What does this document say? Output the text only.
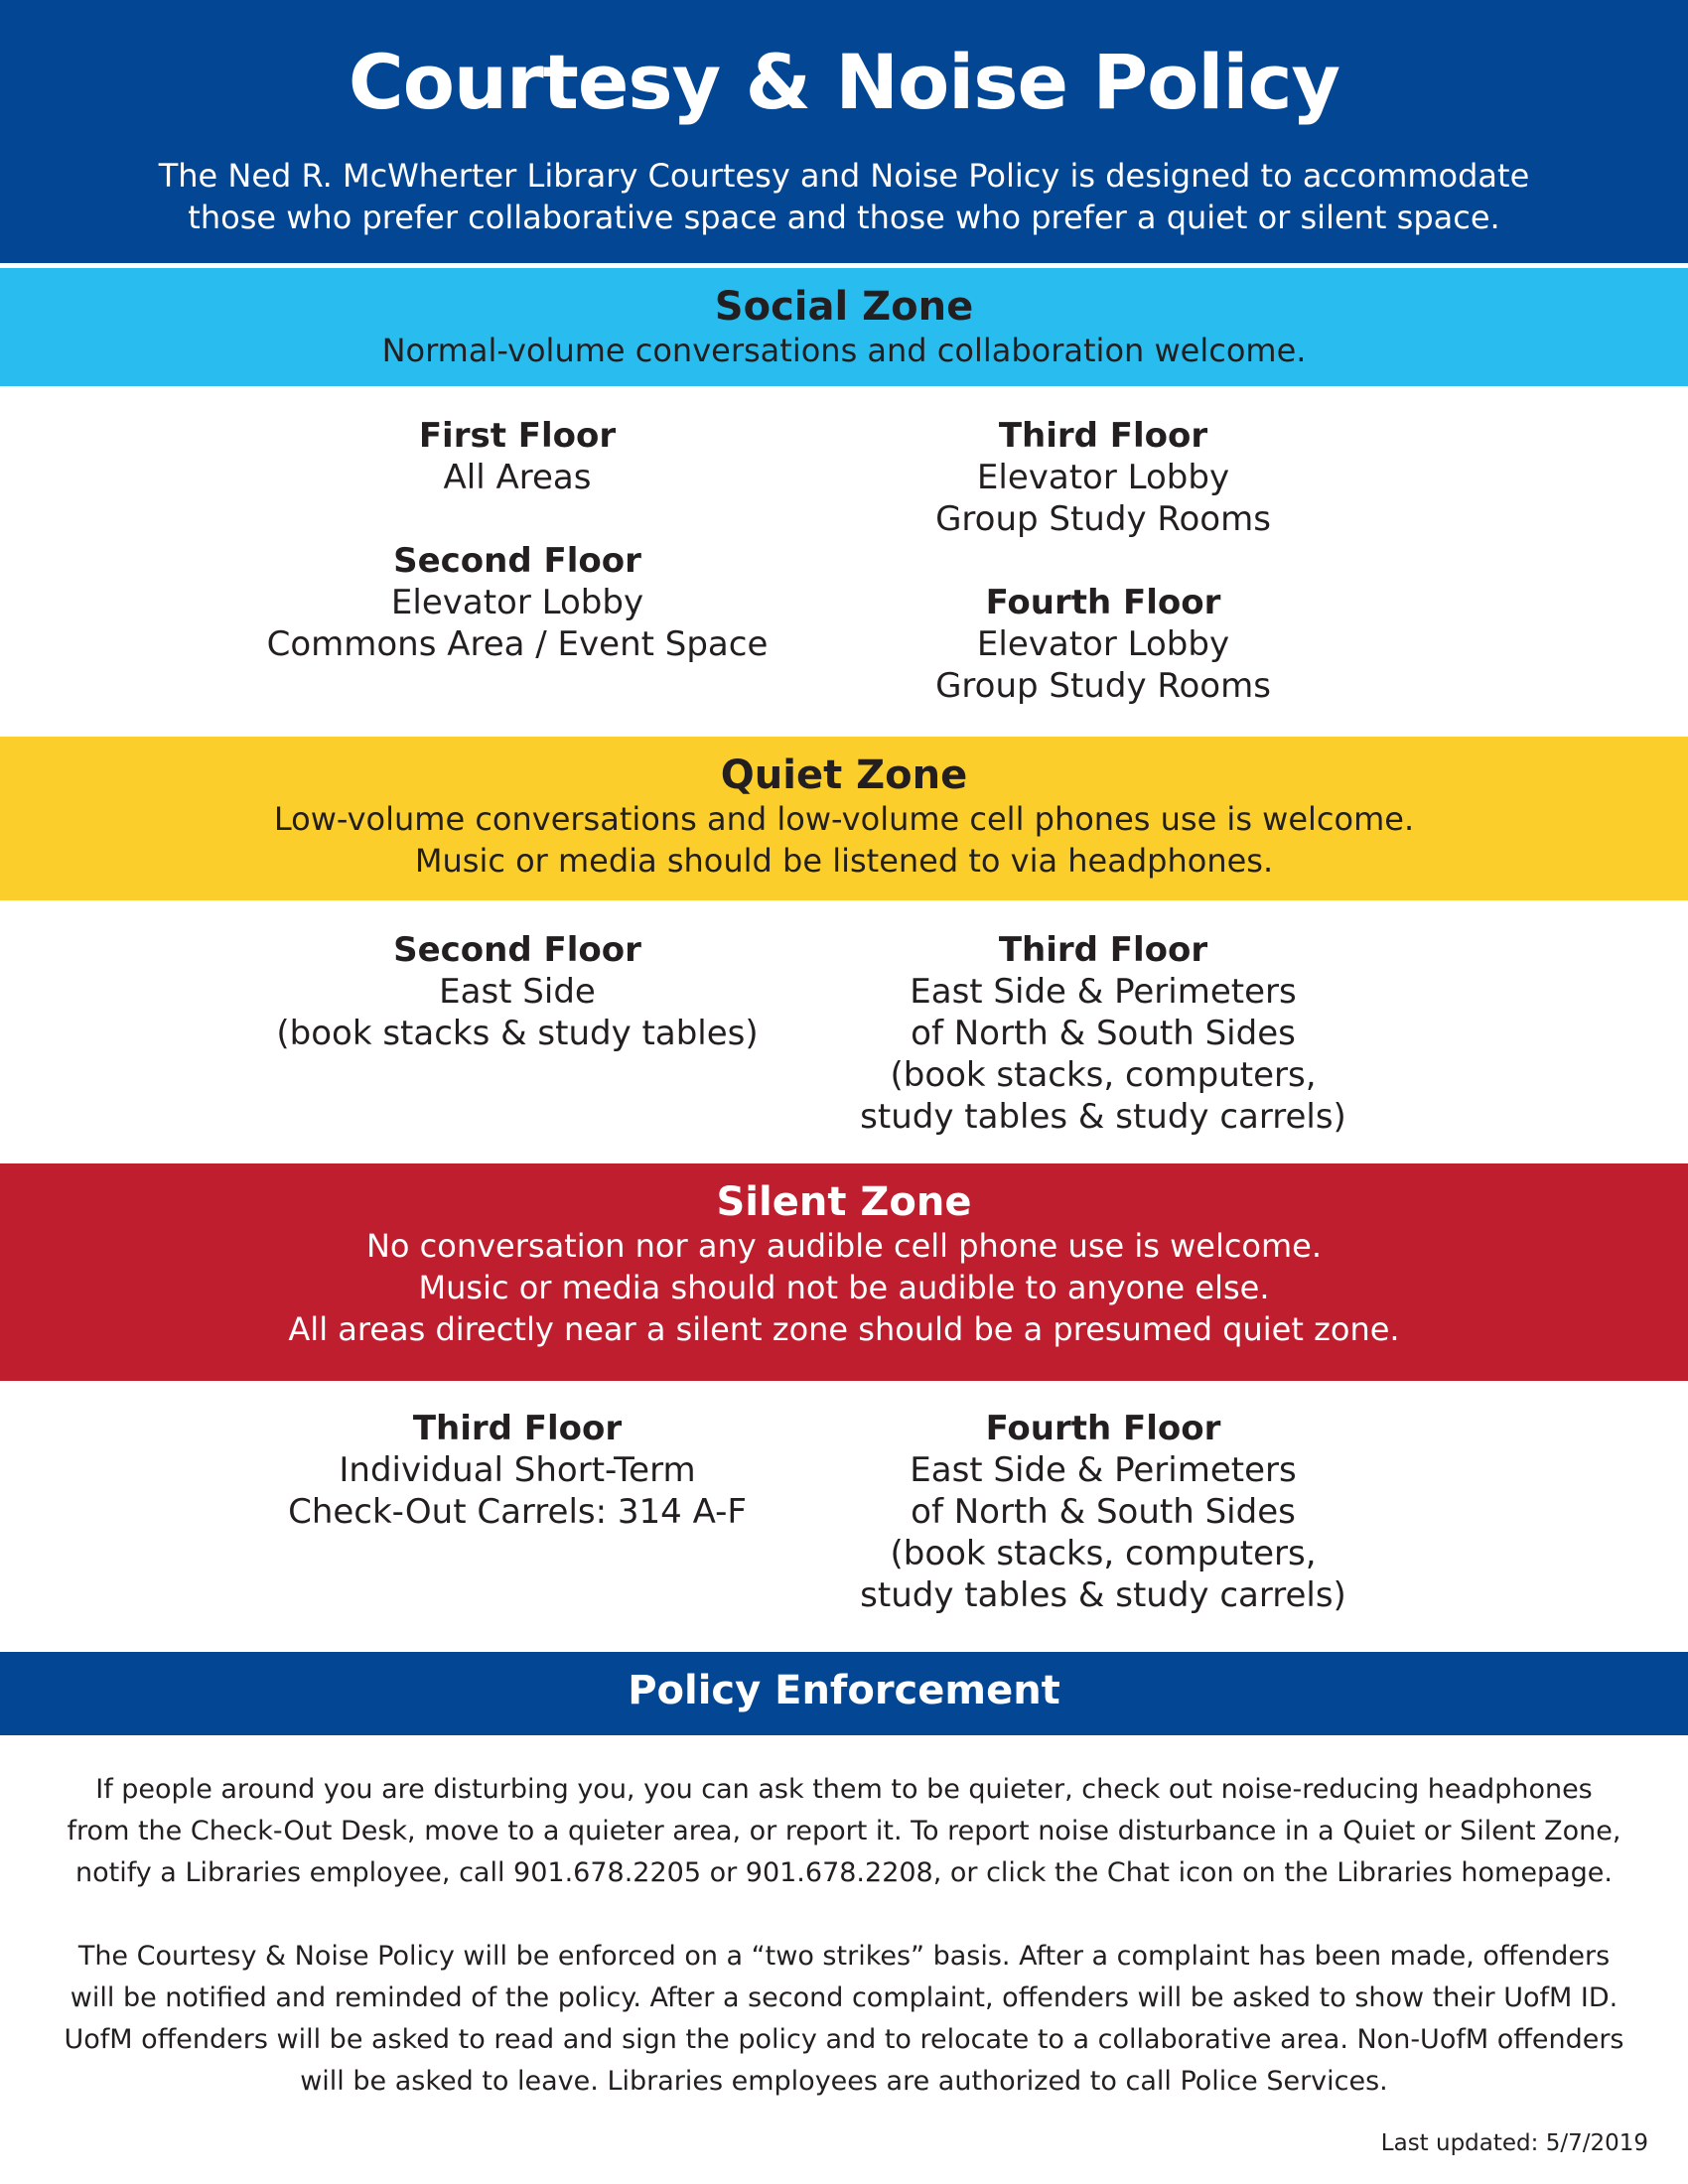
Courtesy & Noise Policy
The Ned R. McWherter Library Courtesy and Noise Policy is designed to accommodate
those who prefer collaborative space and those who prefer a quiet or silent space.
Social Zone
Normal-volume conversations and collaboration welcome.
First Floor
All Areas
Second Floor
Elevator Lobby
Commons Area / Event Space
Third Floor
Elevator Lobby
Group Study Rooms
Fourth Floor
Elevator Lobby
Group Study Rooms
Quiet Zone
Low-volume conversations and low-volume cell phones use is welcome.
Music or media should be listened to via headphones.
Second Floor
East Side
(book stacks & study tables)
Third Floor
East Side & Perimeters
of North & South Sides
(book stacks, computers,
study tables & study carrels)
Silent Zone
No conversation nor any audible cell phone use is welcome.
Music or media should not be audible to anyone else.
All areas directly near a silent zone should be a presumed quiet zone.
Third Floor
Individual Short-Term
Check-Out Carrels: 314 A-F
Fourth Floor
East Side & Perimeters
of North & South Sides
(book stacks, computers,
study tables & study carrels)
Policy Enforcement

If people around you are disturbing you, you can ask them to be quieter, check out noise-reducing headphones
from the Check-Out Desk, move to a quieter area, or report it. To report noise disturbance in a Quiet or Silent Zone,
notify a Libraries employee, call 901.678.2205 or 901.678.2208, or click the Chat icon on the Libraries homepage.

The Courtesy & Noise Policy will be enforced on a “two strikes” basis. After a complaint has been made, offenders
will be notified and reminded of the policy. After a second complaint, offenders will be asked to show their UofM ID.
UofM offenders will be asked to read and sign the policy and to relocate to a collaborative area. Non-UofM offenders
will be asked to leave. Libraries employees are authorized to call Police Services.

Last updated: 5/7/2019
